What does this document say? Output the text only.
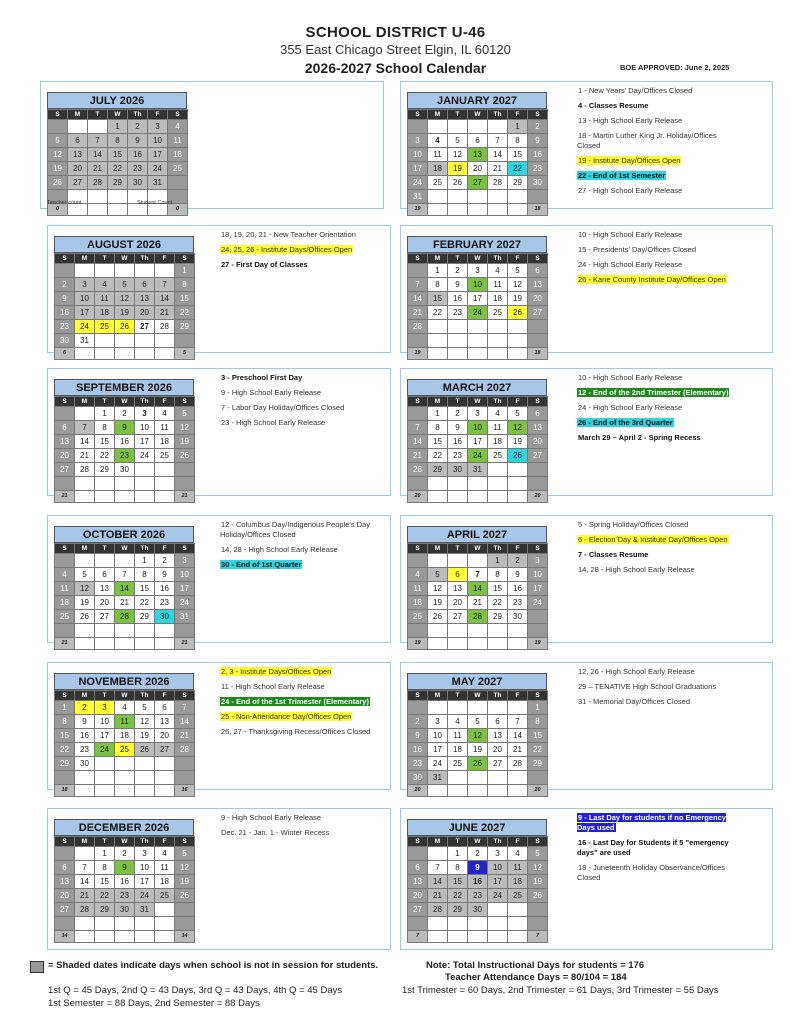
SCHOOL DISTRICT U-46
355 East Chicago Street Elgin, IL 60120
2026-2027 School Calendar	BOE APPROVED: June 2, 2025
JULY 2026
S	M	T	W	Th	F	S
			1	2	3	4
5	6	7	8	9	10	11
12	13	14	15	16	17	18
19	20	21	22	23	24	25
26	27	28	29	30	31	

0						0
Teacher count	Student Count
JANUARY 2027
S	M	T	W	Th	F	S
					1	2
3	4	5	6	7	8	9
10	11	12	13	14	15	16
17	18	19	20	21	22	23
24	25	26	27	28	29	30
31						
19						18
1 - New Years' Day/Offices Closed
4 - Classes Resume
13 - High School Early Release
18 - Martin Luther King Jr. Holiday/Offices Closed
19 - Institute Day/Offices Open
22 - End of 1st Semester
27 - High School Early Release
AUGUST 2026
S	M	T	W	Th	F	S
						1
2	3	4	5	6	7	8
9	10	11	12	13	14	15
16	17	18	19	20	21	22
23	24	25	26	27	28	29
30	31					
6						5
18, 19, 20, 21 - New Teacher Orientation
24, 25, 26 - Institute Days/Offices Open
27 - First Day of Classes
FEBRUARY 2027
S	M	T	W	Th	F	S
	1	2	3	4	5	6
7	8	9	10	11	12	13
14	15	16	17	18	19	20
21	22	23	24	25	26	27
28						

19						18
10 - High School Early Release
15 - Presidents' Day/Offices Closed
24 - High School Early Release
26 - Kane County Institute Day/Offices Open
SEPTEMBER 2026
S	M	T	W	Th	F	S
		1	2	3	4	5
6	7	8	9	10	11	12
13	14	15	16	17	18	19
20	21	22	23	24	25	26
27	28	29	30			

21						21
3 - Preschool First Day
9 - High School Early Release
7 - Labor Day Holiday/Offices Closed
23 - High School Early Release
MARCH 2027
S	M	T	W	Th	F	S
	1	2	3	4	5	6
7	8	9	10	11	12	13
14	15	16	17	18	19	20
21	22	23	24	25	26	27
28	29	30	31			

20						20
10 - High School Early Release
12 - End of the 2nd Trimester (Elementary)
24 - High School Early Release
26 - End of the 3rd Quarter
March 29 – April 2 - Spring Recess
OCTOBER 2026
S	M	T	W	Th	F	S
				1	2	3
4	5	6	7	8	9	10
11	12	13	14	15	16	17
18	19	20	21	22	23	24
25	26	27	28	29	30	31

21						21
12 - Columbus Day/Indigenous People's Day Holiday/Offices Closed
14, 28 - High School Early Release
30 - End of 1st Quarter
APRIL 2027
S	M	T	W	Th	F	S
				1	2	3
4	5	6	7	8	9	10
11	12	13	14	15	16	17
18	19	20	21	22	23	24
25	26	27	28	29	30	

19						19
5 - Spring Holiday/Offices Closed
6 - Election Day & Institute Day/Offices Open
7 - Classes Resume
14, 28 - High School Early Release
NOVEMBER 2026
S	M	T	W	Th	F	S
1	2	3	4	5	6	7
8	9	10	11	12	13	14
15	16	17	18	19	20	21
22	23	24	25	26	27	28
29	30					

18						16
2, 3 - Institute Days/Offices Open
11 - High School Early Release
24 - End of the 1st Trimester (Elementary)
25 - Non-Attendance Day/Offices Open
26, 27 - Thanksgiving Recess/Offices Closed
MAY 2027
S	M	T	W	Th	F	S
						1
2	3	4	5	6	7	8
9	10	11	12	13	14	15
16	17	18	19	20	21	22
23	24	25	26	27	28	29
30	31					
20						20
12, 26 - High School Early Release
29 – TENATIVE High School Graduations
31 - Memorial Day/Offices Closed
DECEMBER 2026
S	M	T	W	Th	F	S
		1	2	3	4	5
6	7	8	9	10	11	12
13	14	15	16	17	18	19
20	21	22	23	24	25	26
27	28	29	30	31		

14						14
9 - High School Early Release
Dec. 21 - Jan. 1 - Winter Recess	JUNE 2027
S	M	T	W	Th	F	S
		1	2	3	4	5
6	7	8	9	10	11	12
13	14	15	16	17	18	19
20	21	22	23	24	25	26
27	28	29	30			

7						7
9 - Last Day for students if no Emergency Days used
16 - Last Day for Students if 5 "emergency days" are used
18 - Juneteenth Holiday Observance/Offices Closed
= Shaded dates indicate days when school is not in session for students.	Note: Total Instructional Days for students = 176
Teacher Attendance Days = 80/104 = 184
1st Q = 45 Days, 2nd Q = 43 Days, 3rd Q = 43 Days, 4th Q = 45 Days	1st Trimester = 60 Days, 2nd Trimester = 61 Days, 3rd Trimester = 55 Days
1st Semester = 88 Days, 2nd Semester = 88 Days
